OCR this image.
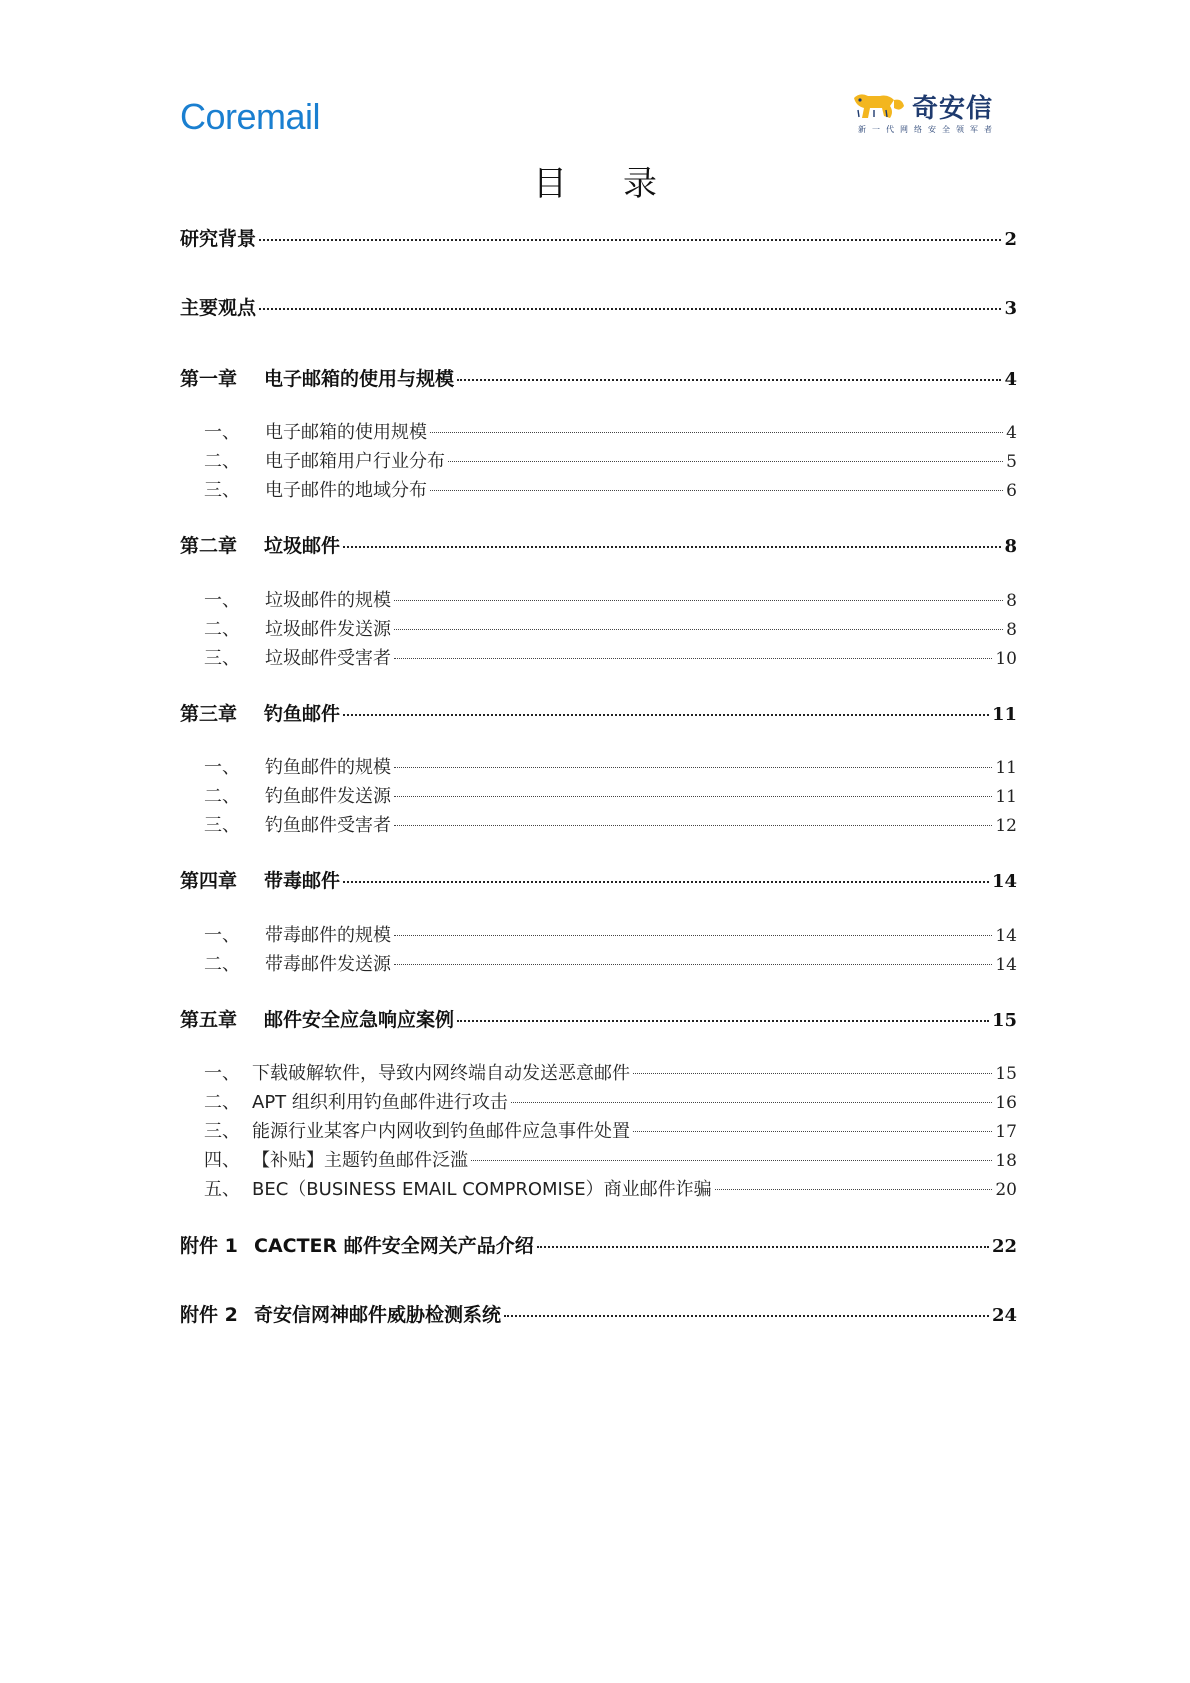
Coremail	奇安信
新一代网络安全领军者
目录
研究背景	2
主要观点	3
第一章	电子邮箱的使用与规模	4
一、	电子邮箱的使用规模	4
二、	电子邮箱用户行业分布	5
三、	电子邮件的地域分布	6
第二章	垃圾邮件	8
一、	垃圾邮件的规模	8
二、	垃圾邮件发送源	8
三、	垃圾邮件受害者	10
第三章	钓鱼邮件	11
一、	钓鱼邮件的规模	11
二、	钓鱼邮件发送源	11
三、	钓鱼邮件受害者	12
第四章	带毒邮件	14
一、	带毒邮件的规模	14
二、	带毒邮件发送源	14
第五章	邮件安全应急响应案例	15
一、 下载破解软件，导致内网终端自动发送恶意邮件	15
二、 APT 组织利用钓鱼邮件进行攻击	16
三、 能源行业某客户内网收到钓鱼邮件应急事件处置	17
四、 【补贴】主题钓鱼邮件泛滥	18
五、 BEC（BUSINESS EMAIL COMPROMISE）商业邮件诈骗	20
附件 1 CACTER 邮件安全网关产品介绍	22
附件 2 奇安信网神邮件威胁检测系统	24
